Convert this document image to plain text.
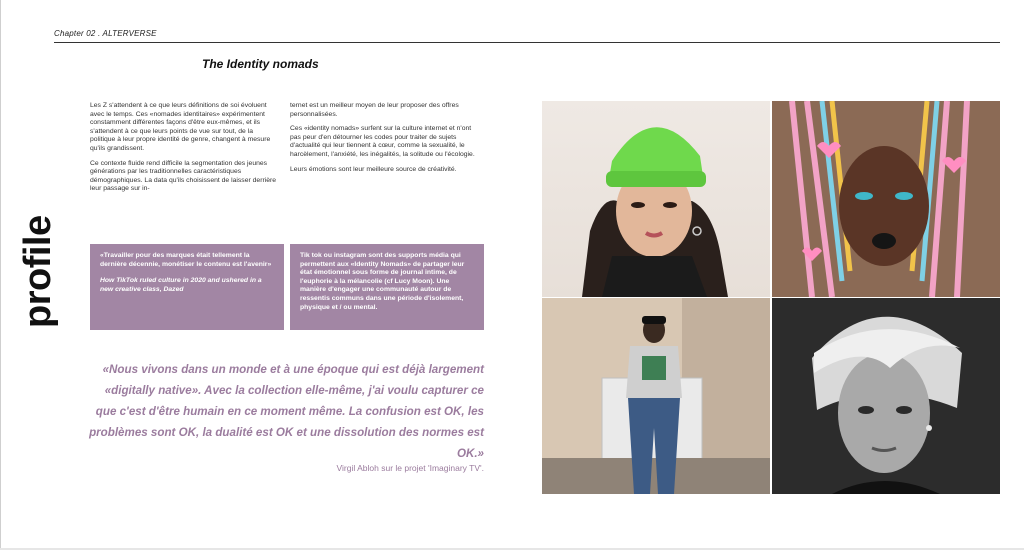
Chapter 02 . ALTERVERSE
The Identity nomads
profile

Les Z s'attendent à ce que leurs définitions de soi évoluent avec le temps. Ces «nomades identitaires» expérimentent constamment différentes façons d'être eux-mêmes, et ils s'attendent à ce que leurs points de vue sur tout, de la politique à leur propre identité de genre, changent à mesure qu'ils grandissent.

Ce contexte fluide rend difficile la segmentation des jeunes générations par les traditionnelles caractéristiques démographiques. La data qu'ils choisissent de laisser derrière leur passage sur in-

ternet est un meilleur moyen de leur proposer des offres personnalisées.

Ces «identity nomads» surfent sur la culture internet et n'ont pas peur d'en détourner les codes pour traiter de sujets d'actualité qui leur tiennent à cœur, comme la sexualité, le harcèlement, l'anxiété, les inégalités, la solitude ou l'écologie.

Leurs émotions sont leur meilleure source de créativité.

«Travailler pour des marques était tellement la dernière décennie, monétiser le contenu est l'avenir»

How TikTok ruled culture in 2020 and ushered in a new creative class, Dazed

Tik tok ou instagram sont des supports média qui permettent aux «Identity Nomads» de partager leur état émotionnel sous forme de journal intime, de l'euphorie à la mélancolie (cf Lucy Moon). Une manière d'engager une communauté autour de ressentis communs dans une période d'isolement, physique et / ou mental.

«Nous vivons dans un monde et à une époque qui est déjà largement «digitally native». Avec la collection elle-même, j'ai voulu capturer ce que c'est d'être humain en ce moment même. La confusion est OK, les problèmes sont OK, la dualité est OK et une dissolution des normes est OK.»
Virgil Abloh sur le projet 'Imaginary TV'.
